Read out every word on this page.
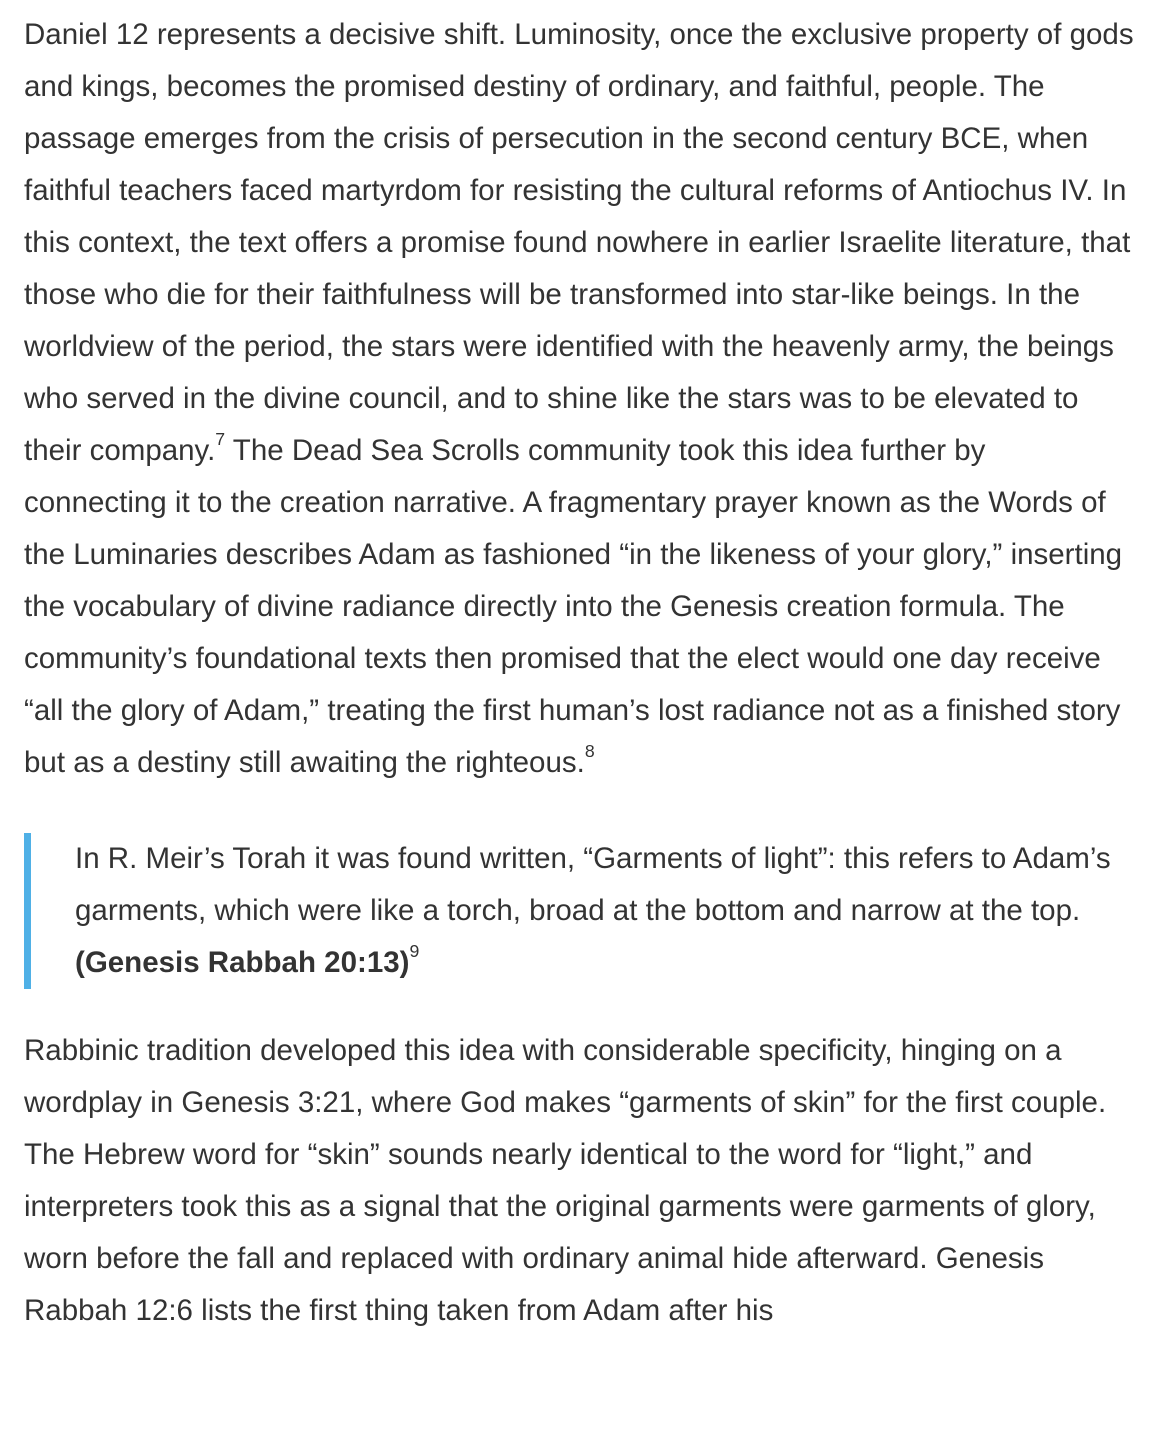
Daniel 12 represents a decisive shift. Luminosity, once the exclusive property of gods and kings, becomes the promised destiny of ordinary, and faithful, people. The passage emerges from the crisis of persecution in the second century BCE, when faithful teachers faced martyrdom for resisting the cultural reforms of Antiochus IV. In this context, the text offers a promise found nowhere in earlier Israelite literature, that those who die for their faithfulness will be transformed into star-like beings. In the worldview of the period, the stars were identified with the heavenly army, the beings who served in the divine council, and to shine like the stars was to be elevated to their company.$^7$ The Dead Sea Scrolls community took this idea further by connecting it to the creation narrative. A fragmentary prayer known as the Words of the Luminaries describes Adam as fashioned “in the likeness of your glory,” inserting the vocabulary of divine radiance directly into the Genesis creation formula. The community’s foundational texts then promised that the elect would one day receive “all the glory of Adam,” treating the first human’s lost radiance not as a finished story but as a destiny still awaiting the righteous.$^8$

In R. Meir’s Torah it was found written, “Garments of light”: this refers to Adam’s garments, which were like a torch, broad at the bottom and narrow at the top. (Genesis Rabbah 20:13)$^9$

Rabbinic tradition developed this idea with considerable specificity, hinging on a wordplay in Genesis 3:21, where God makes “garments of skin” for the first couple. The Hebrew word for “skin” sounds nearly identical to the word for “light,” and interpreters took this as a signal that the original garments were garments of glory, worn before the fall and replaced with ordinary animal hide afterward. Genesis Rabbah 12:6 lists the first thing taken from Adam after his
